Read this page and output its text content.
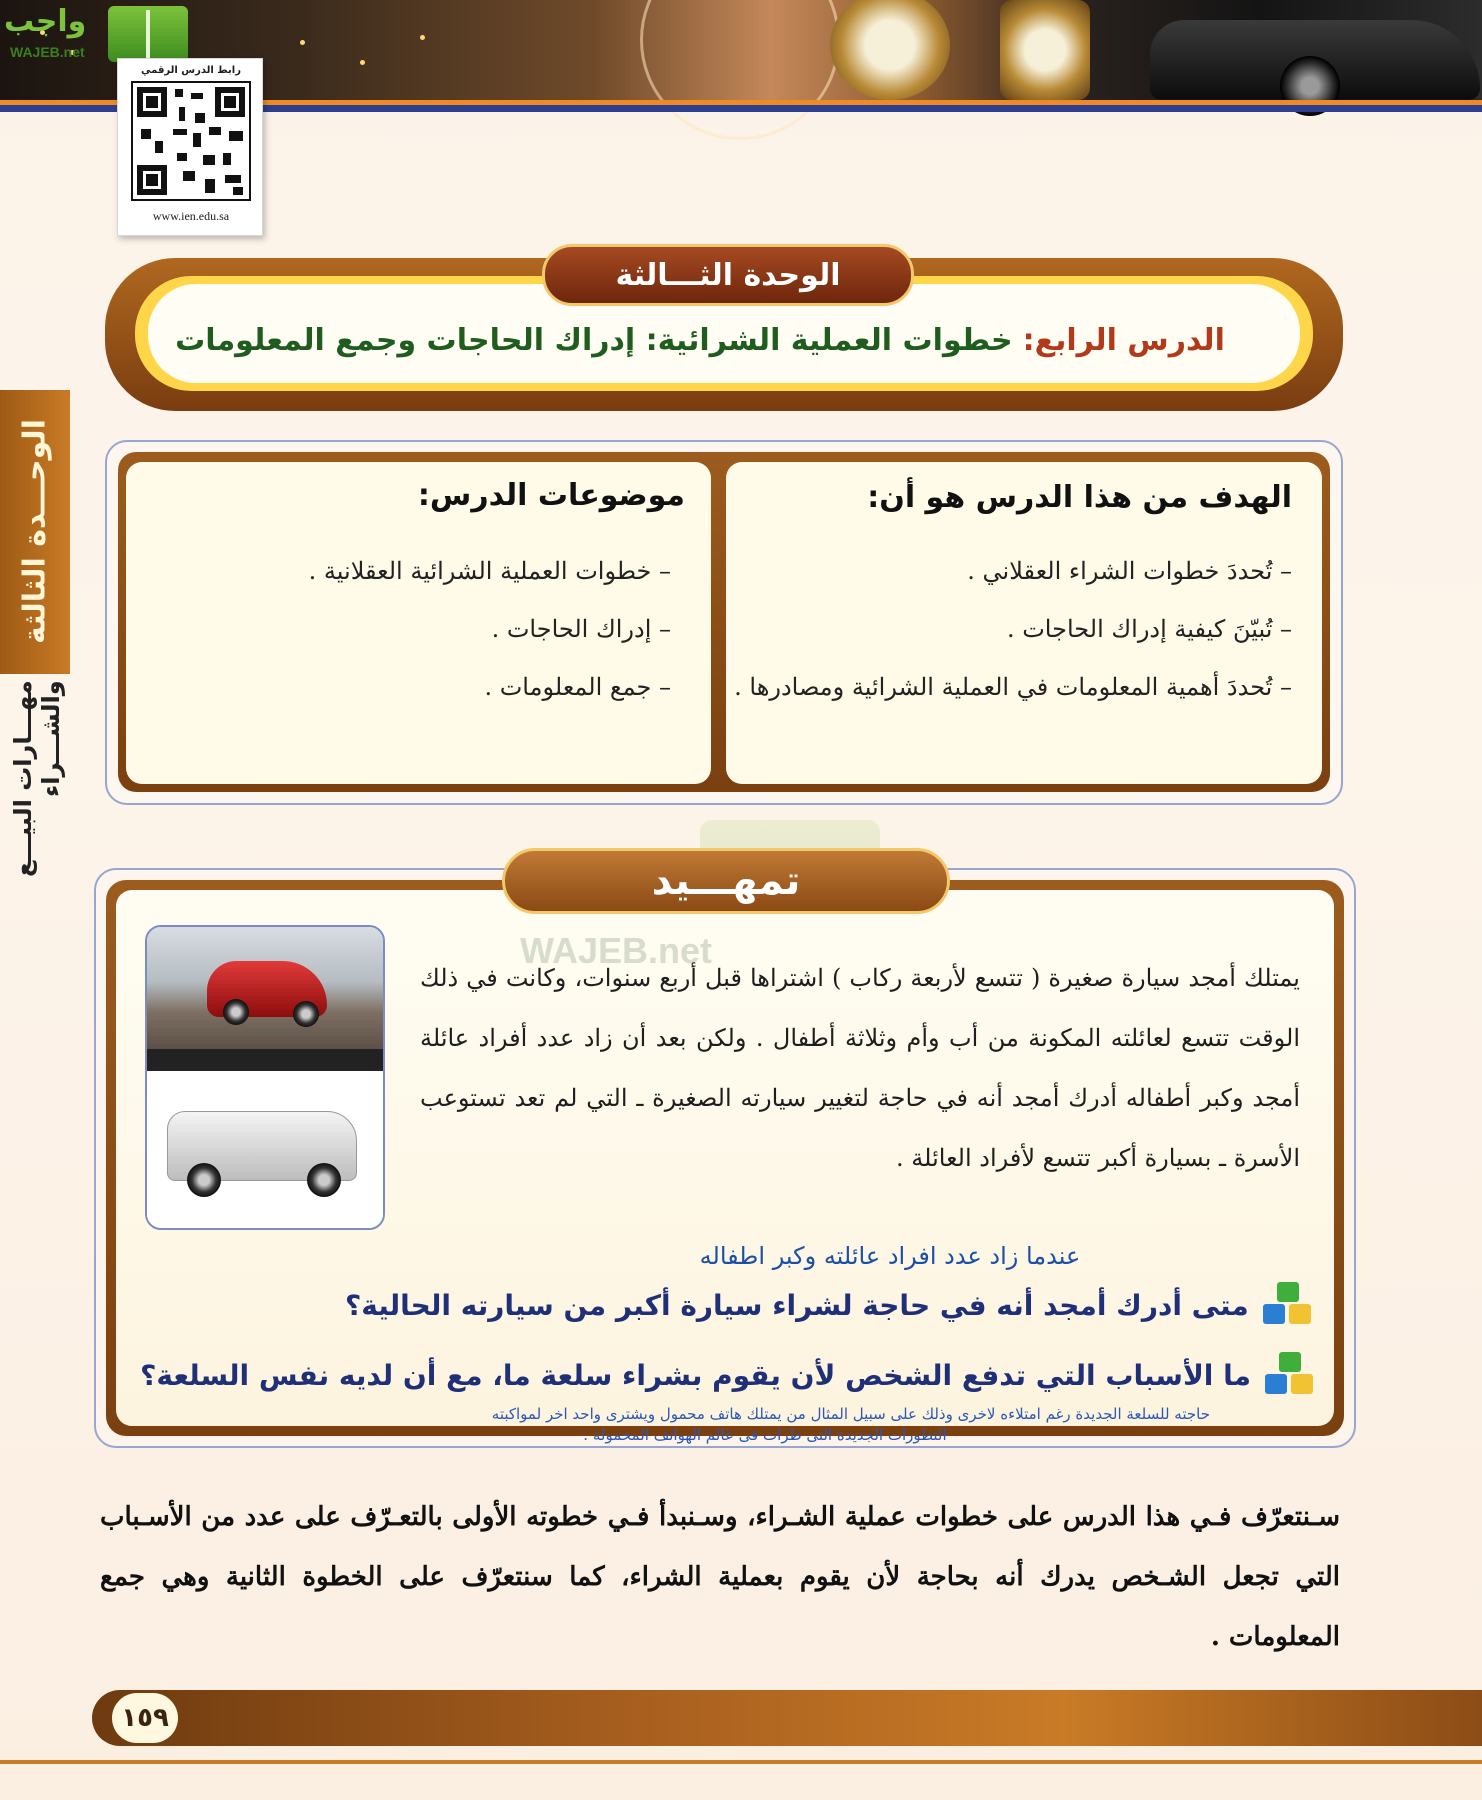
واجب
WAJEB.net
رابط الدرس الرقمي
www.ien.edu.sa
الوحـــدة الثالثة
مهـــارات البيـــع والشـــراء
الوحدة الثـــالثة
الدرس الرابع:
خطوات العملية الشرائية: إدراك الحاجات وجمع المعلومات
الهدف من هذا الدرس هو أن:
– تُحددَ خطوات الشراء العقلاني .
– تُبيّنَ كيفية إدراك الحاجات .
– تُحددَ أهمية المعلومات في العملية الشرائية ومصادرها .
موضوعات الدرس:
– خطوات العملية الشرائية العقلانية .
– إدراك الحاجات .
– جمع المعلومات .
تمهـــيد
WAJEB.net
يمتلك أمجد سيارة صغيرة ( تتسع لأربعة ركاب ) اشتراها قبل أربع سنوات، وكانت في ذلك الوقت تتسع لعائلته المكونة من أب وأم وثلاثة أطفال . ولكن بعد أن زاد عدد أفراد عائلة أمجد وكبر أطفاله أدرك أمجد أنه في حاجة لتغيير سيارته الصغيرة ـ التي لم تعد تستوعب الأسرة ـ بسيارة أكبر تتسع لأفراد العائلة .
عندما زاد عدد افراد عائلته وكبر اطفاله
متى أدرك أمجد أنه في حاجة لشراء سيارة أكبر من سيارته الحالية؟
ما الأسباب التي تدفع الشخص لأن يقوم بشراء سلعة ما، مع أن لديه نفس السلعة؟
حاجته للسلعة الجديدة رغم امتلاءه لاخرى وذلك على سبيل المثال من يمتلك هاتف محمول ويشترى واحد اخر لمواكبته
التطورات الجديدة التى طرات فى عالم الهواتف المحمولة .
سـنتعرّف فـي هذا الدرس على خطوات عملية الشـراء، وسـنبدأ فـي خطوته الأولى بالتعـرّف على عدد من الأسـباب التي تجعل الشـخص يدرك أنه بحاجة لأن يقوم بعملية الشراء، كما سنتعرّف على الخطوة الثانية وهي جمع المعلومات .
١٥٩
